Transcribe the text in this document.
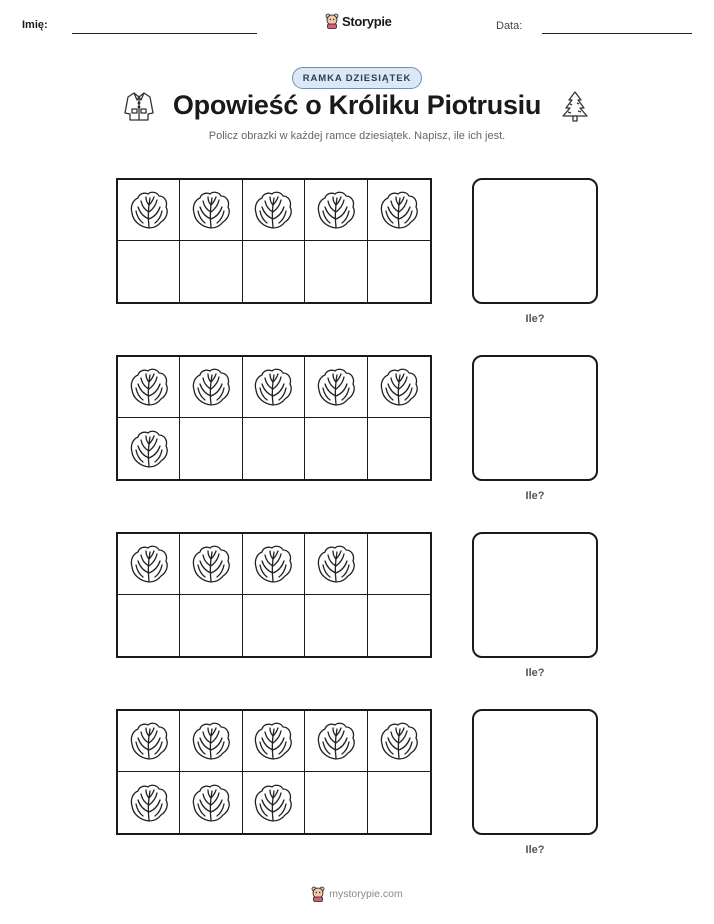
Imię:	Storypie	Data:
RAMKA DZIESIĄTEK
Opowieść o Króliku Piotrusiu
Policz obrazki w każdej ramce dziesiątek. Napisz, ile ich jest.
Ile?
Ile?
Ile?
Ile?
mystorypie.com
